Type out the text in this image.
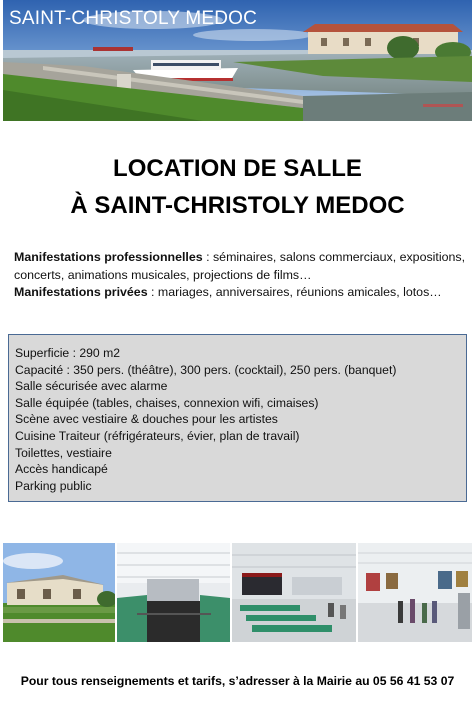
SAINT-CHRISTOLY MEDOC
LOCATION DE SALLE
À SAINT-CHRISTOLY MEDOC
Manifestations professionnelles : séminaires, salons commerciaux, expositions, concerts, animations musicales, projections de films…
Manifestations privées : mariages, anniversaires, réunions amicales, lotos…
Superficie : 290 m2
Capacité : 350 pers. (théâtre), 300 pers. (cocktail), 250 pers. (banquet)
Salle sécurisée avec alarme
Salle équipée (tables, chaises, connexion wifi, cimaises)
Scène avec vestiaire & douches pour les artistes
Cuisine Traiteur (réfrigérateurs, évier, plan de travail)
Toilettes, vestiaire
Accès handicapé
Parking public
Pour tous renseignements et tarifs, s’adresser à la Mairie au 05 56 41 53 07
